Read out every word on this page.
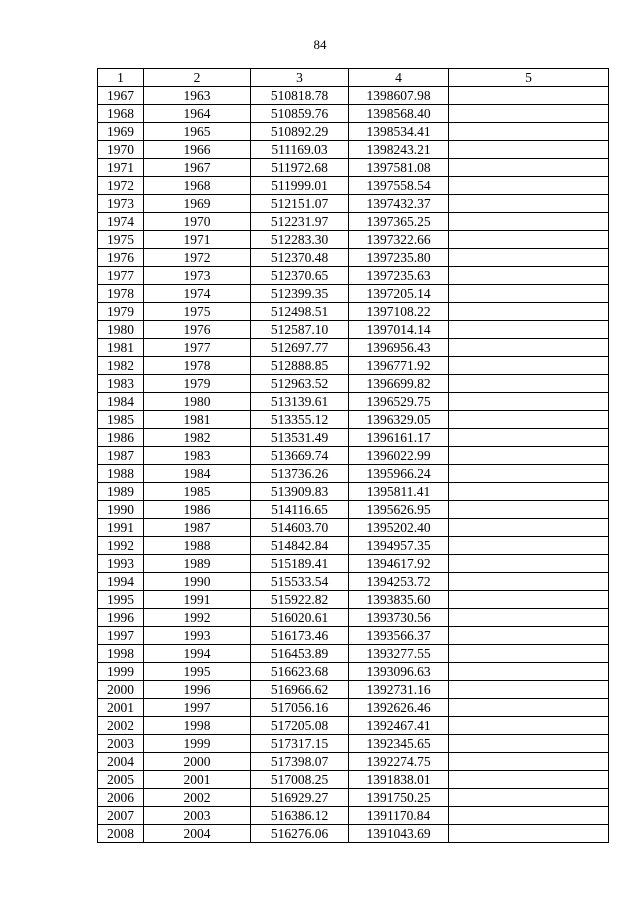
84
1	2	3	4	5
1967	1963	510818.78	1398607.98	
1968	1964	510859.76	1398568.40	
1969	1965	510892.29	1398534.41	
1970	1966	511169.03	1398243.21	
1971	1967	511972.68	1397581.08	
1972	1968	511999.01	1397558.54	
1973	1969	512151.07	1397432.37	
1974	1970	512231.97	1397365.25	
1975	1971	512283.30	1397322.66	
1976	1972	512370.48	1397235.80	
1977	1973	512370.65	1397235.63	
1978	1974	512399.35	1397205.14	
1979	1975	512498.51	1397108.22	
1980	1976	512587.10	1397014.14	
1981	1977	512697.77	1396956.43	
1982	1978	512888.85	1396771.92	
1983	1979	512963.52	1396699.82	
1984	1980	513139.61	1396529.75	
1985	1981	513355.12	1396329.05	
1986	1982	513531.49	1396161.17	
1987	1983	513669.74	1396022.99	
1988	1984	513736.26	1395966.24	
1989	1985	513909.83	1395811.41	
1990	1986	514116.65	1395626.95	
1991	1987	514603.70	1395202.40	
1992	1988	514842.84	1394957.35	
1993	1989	515189.41	1394617.92	
1994	1990	515533.54	1394253.72	
1995	1991	515922.82	1393835.60	
1996	1992	516020.61	1393730.56	
1997	1993	516173.46	1393566.37	
1998	1994	516453.89	1393277.55	
1999	1995	516623.68	1393096.63	
2000	1996	516966.62	1392731.16	
2001	1997	517056.16	1392626.46	
2002	1998	517205.08	1392467.41	
2003	1999	517317.15	1392345.65	
2004	2000	517398.07	1392274.75	
2005	2001	517008.25	1391838.01	
2006	2002	516929.27	1391750.25	
2007	2003	516386.12	1391170.84	
2008	2004	516276.06	1391043.69	
